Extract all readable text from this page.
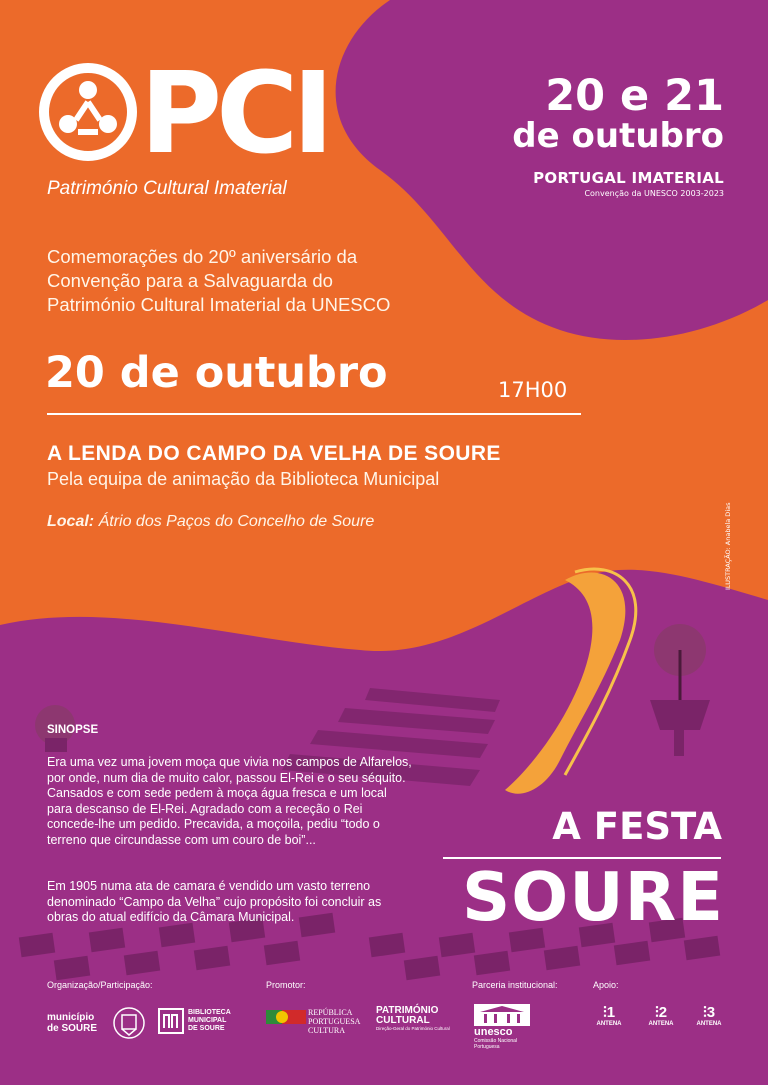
PCI
Património Cultural Imaterial
20 e 21
de outubro
PORTUGAL IMATERIAL
Convenção da UNESCO 2003-2023
Comemorações do 20º aniversário da
Convenção para a Salvaguarda do
Património Cultural Imaterial da UNESCO
20 de outubro	17H00
A LENDA DO CAMPO DA VELHA DE SOURE
Pela equipa de animação da Biblioteca Municipal
Local: Átrio dos Paços do Concelho de Soure	ILUSTRAÇÃO: Anabela Dias
SINOPSE
Era uma vez uma jovem moça que vivia nos campos de Alfarelos, por onde, num dia de muito calor, passou El-Rei e o seu séquito. Cansados e com sede pedem à moça água fresca e um local para descanso de El-Rei. Agradado com a receção o Rei concede-lhe um pedido. Precavida, a moçoila, pediu “todo o terreno que circundasse com um couro de boi”...
Em 1905 numa ata de camara é vendido um vasto terreno denominado “Campo da Velha” cujo propósito foi concluir as obras do atual edifício da Câmara Municipal.
A FESTA
SOURE
Organização/Participação:	Promotor:	Parceria institucional:	Apoio:
município
de SOURE
BIBLIOTECA
MUNICIPAL
DE SOURE
REPÚBLICA
PORTUGUESA
CULTURA
PATRIMÓNIO
CULTURAL
Direção-Geral do Património Cultural unesco
Comissão Nacional
Portuguesa
⫶1
ANTENA
⫶2
ANTENA
⫶3
ANTENA
